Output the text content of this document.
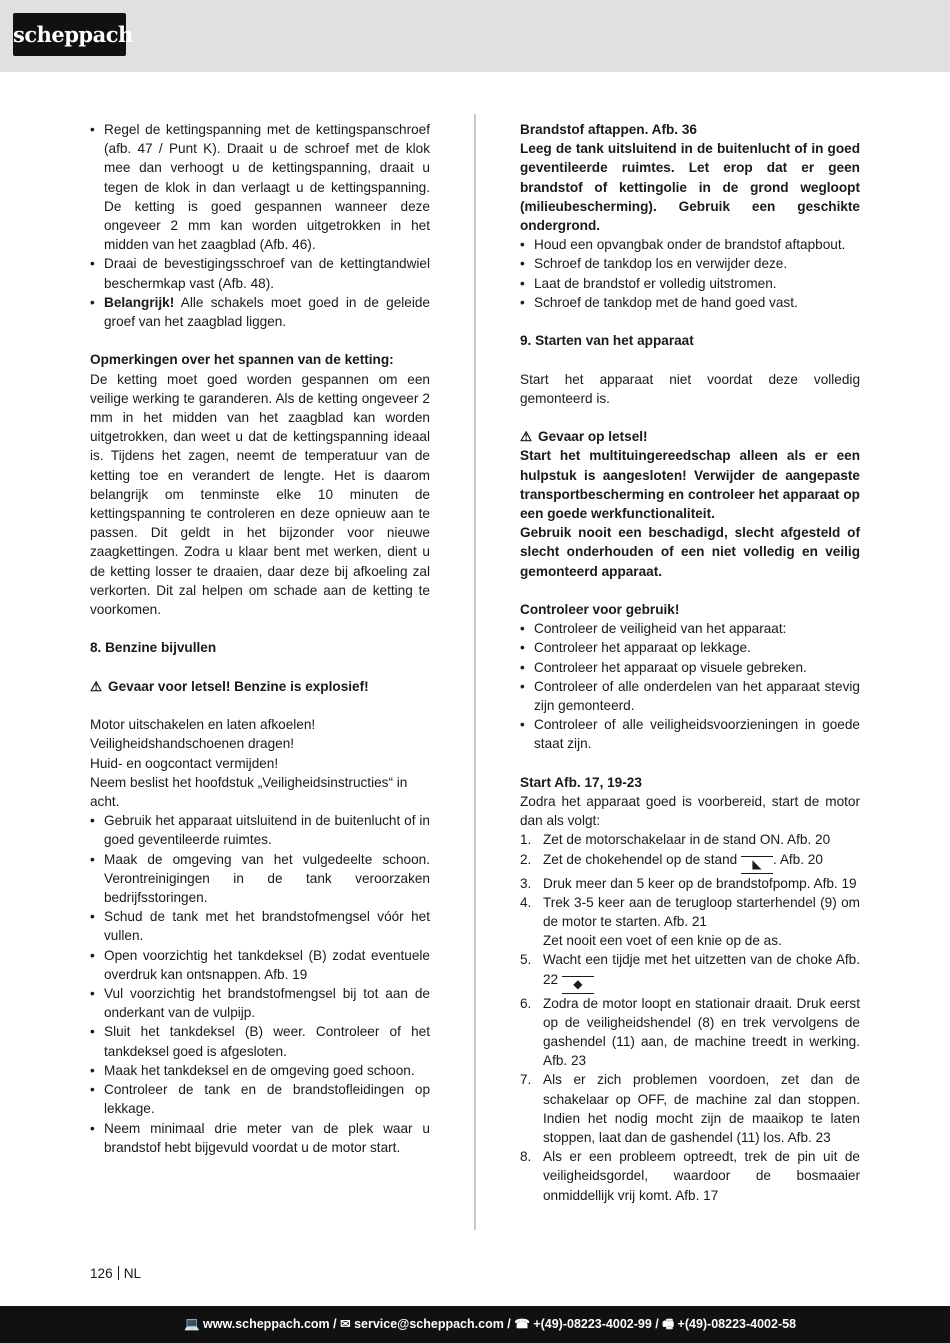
scheppach
• Regel de kettingspanning met de kettingspanschroef (afb. 47 / Punt K). Draait u de schroef met de klok mee dan verhoogt u de kettingspanning, draait u tegen de klok in dan verlaagt u de kettingspanning. De ketting is goed gespannen wanneer deze ongeveer 2 mm kan worden uitgetrokken in het midden van het zaagblad (Afb. 46).
• Draai de bevestigingsschroef van de kettingtandwiel beschermkap vast (Afb. 48).
• Belangrijk! Alle schakels moet goed in de geleide groef van het zaagblad liggen.

Opmerkingen over het spannen van de ketting:

De ketting moet goed worden gespannen om een veilige werking te garanderen. Als de ketting ongeveer 2 mm in het midden van het zaagblad kan worden uitgetrokken, dan weet u dat de kettingspanning ideaal is. Tijdens het zagen, neemt de temperatuur van de ketting toe en verandert de lengte. Het is daarom belangrijk om tenminste elke 10 minuten de kettingspanning te controleren en deze opnieuw aan te passen. Dit geldt in het bijzonder voor nieuwe zaagkettingen. Zodra u klaar bent met werken, dient u de ketting losser te draaien, daar deze bij afkoeling zal verkorten. Dit zal helpen om schade aan de ketting te voorkomen.

8. Benzine bijvullen

⚠ Gevaar voor letsel! Benzine is explosief!

Motor uitschakelen en laten afkoelen!

Veiligheidshandschoenen dragen!

Huid- en oogcontact vermijden!

Neem beslist het hoofdstuk „Veiligheidsinstructies“ in acht.

• Gebruik het apparaat uitsluitend in de buitenlucht of in goed geventileerde ruimtes.
• Maak de omgeving van het vulgedeelte schoon. Verontreinigingen in de tank veroorzaken bedrijfsstoringen.
• Schud de tank met het brandstofmengsel vóór het vullen.
• Open voorzichtig het tankdeksel (B) zodat eventuele overdruk kan ontsnappen. Afb. 19
• Vul voorzichtig het brandstofmengsel bij tot aan de onderkant van de vulpijp.
• Sluit het tankdeksel (B) weer. Controleer of het tankdeksel goed is afgesloten.
• Maak het tankdeksel en de omgeving goed schoon.
• Controleer de tank en de brandstofleidingen op lekkage.
• Neem minimaal drie meter van de plek waar u brandstof hebt bijgevuld voordat u de motor start.

Brandstof aftappen. Afb. 36

Leeg de tank uitsluitend in de buitenlucht of in goed geventileerde ruimtes. Let erop dat er geen brandstof of kettingolie in de grond wegloopt (milieubescherming). Gebruik een geschikte ondergrond.

• Houd een opvangbak onder de brandstof aftapbout.
• Schroef de tankdop los en verwijder deze.
• Laat de brandstof er volledig uitstromen.
• Schroef de tankdop met de hand goed vast.

9. Starten van het apparaat

Start het apparaat niet voordat deze volledig gemonteerd is.

⚠ Gevaar op letsel!

Start het multituingereedschap alleen als er een hulpstuk is aangesloten! Verwijder de aangepaste transportbescherming en controleer het apparaat op een goede werkfunctionaliteit.

Gebruik nooit een beschadigd, slecht afgesteld of slecht onderhouden of een niet volledig en veilig gemonteerd apparaat.

Controleer voor gebruik!

• Controleer de veiligheid van het apparaat:
• Controleer het apparaat op lekkage.
• Controleer het apparaat op visuele gebreken.
• Controleer of alle onderdelen van het apparaat stevig zijn gemonteerd.
• Controleer of alle veiligheidsvoorzieningen in goede staat zijn.

Start Afb. 17, 19-23

Zodra het apparaat goed is voorbereid, start de motor dan als volgt:

1. Zet de motorschakelaar in de stand ON. Afb. 20
2. Zet de chokehendel op de stand ◣ . Afb. 20
3. Druk meer dan 5 keer op de brandstofpomp. Afb. 19
4. Trek 3-5 keer aan de terugloop starterhendel (9) om de motor te starten. Afb. 21
Zet nooit een voet of een knie op de as.
5. Wacht een tijdje met het uitzetten van de choke Afb. 22 ◆
6. Zodra de motor loopt en stationair draait. Druk eerst op de veiligheidshendel (8) en trek vervolgens de gashendel (11) aan, de machine treedt in werking. Afb. 23
7. Als er zich problemen voordoen, zet dan de schakelaar op OFF, de machine zal dan stoppen. Indien het nodig mocht zijn de maaikop te laten stoppen, laat dan de gashendel (11) los. Afb. 23
8. Als er een probleem optreedt, trek de pin uit de veiligheidsgordel, waardoor de bosmaaier onmiddellijk vrij komt. Afb. 17
126 NL
💻 www.scheppach.com / ✉ service@scheppach.com / ☎ +(49)-08223-4002-99 / 🖷 +(49)-08223-4002-58
